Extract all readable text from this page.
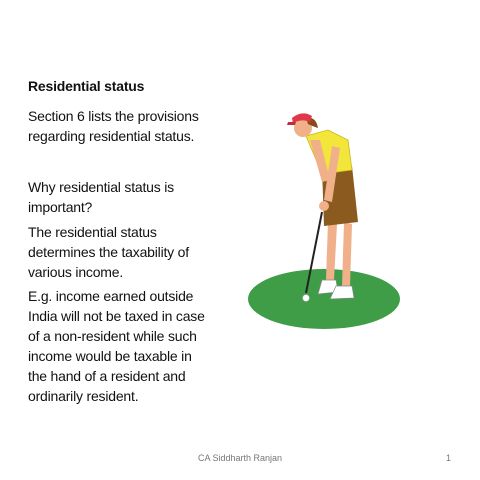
Residential status

Section 6 lists the provisions regarding residential status.

Why residential status is important?

The residential status determines the taxability of various income.

E.g. income earned outside India will not be taxed in case of a non-resident while such income would be taxable in the hand of a resident and ordinarily resident.

CA Siddharth Ranjan	1
